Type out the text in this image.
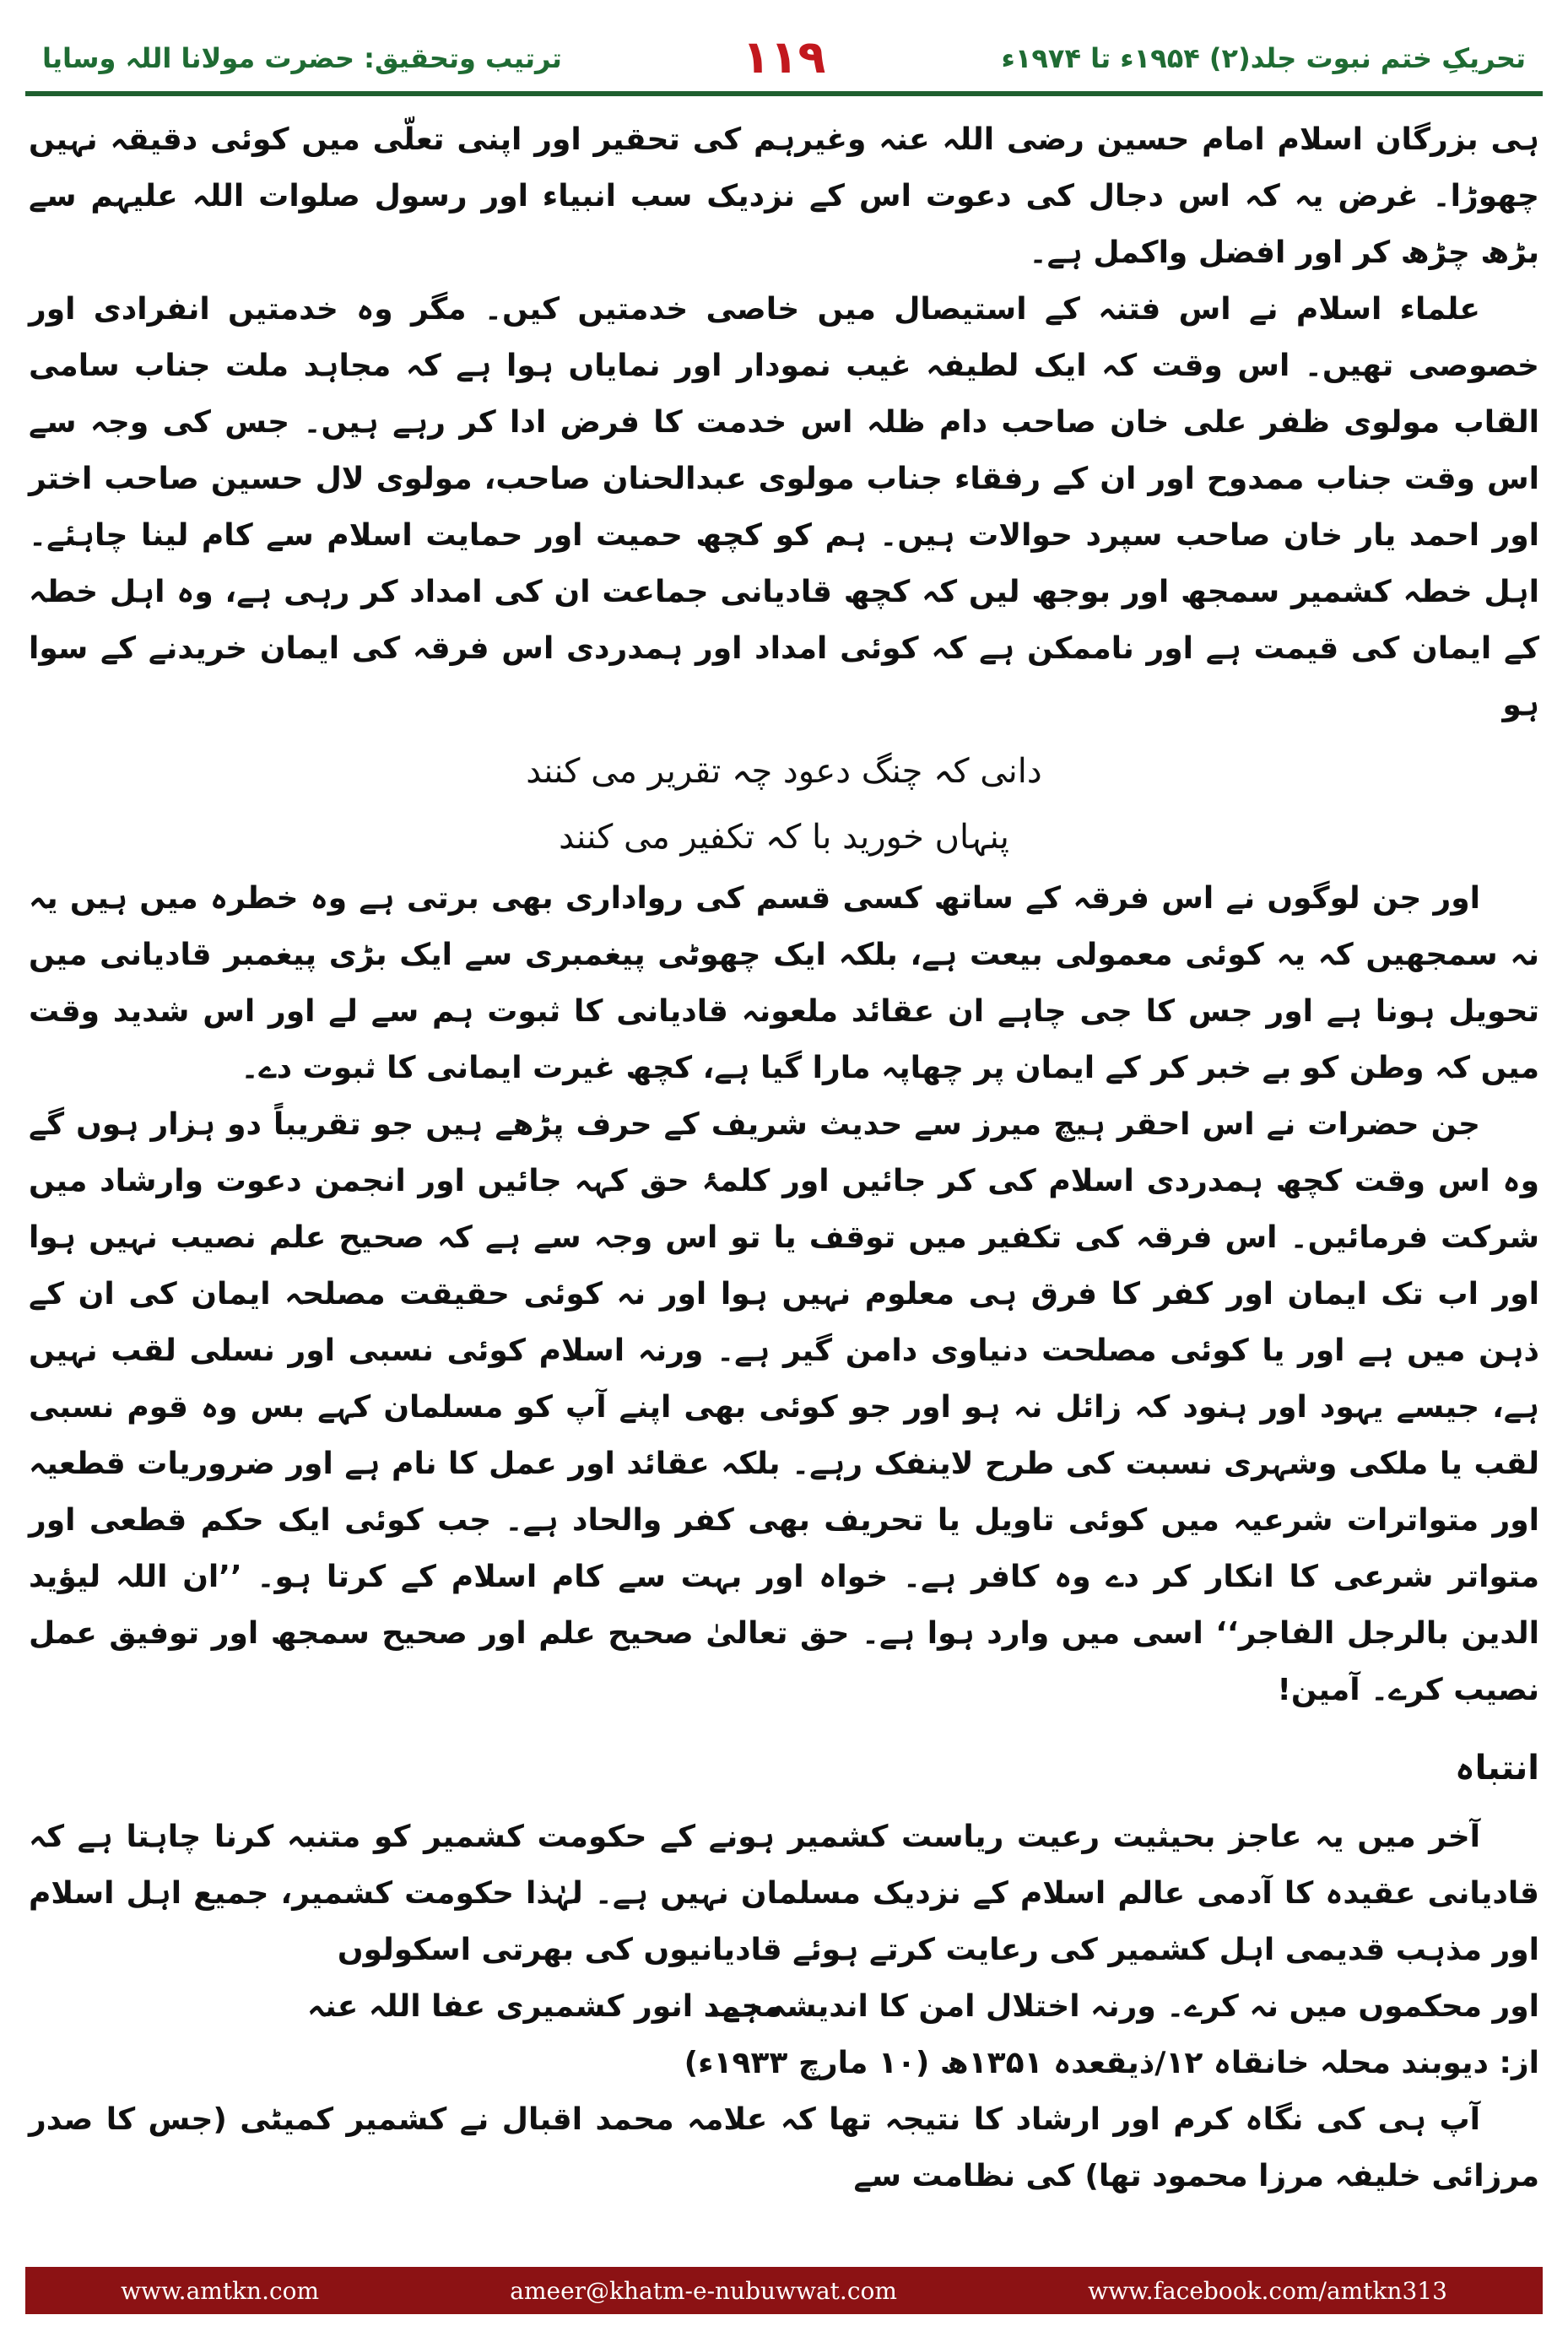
تحریکِ ختم نبوت جلد(۲) ۱۹۵۴ء تا ۱۹۷۴ء
۱۱۹
ترتیب وتحقیق: حضرت مولانا اللہ وسایا

ہی بزرگان اسلام امام حسین رضی اللہ عنہ وغیرہم کی تحقیر اور اپنی تعلّی میں کوئی دقیقہ نہیں چھوڑا۔ غرض یہ کہ اس دجال کی دعوت اس کے نزدیک سب انبیاء اور رسول صلوات اللہ علیہم سے بڑھ چڑھ کر اور افضل واکمل ہے۔

علماء اسلام نے اس فتنہ کے استیصال میں خاصی خدمتیں کیں۔ مگر وہ خدمتیں انفرادی اور خصوصی تھیں۔ اس وقت کہ ایک لطیفہ غیب نمودار اور نمایاں ہوا ہے کہ مجاہد ملت جناب سامی القاب مولوی ظفر علی خان صاحب دام ظلہ اس خدمت کا فرض ادا کر رہے ہیں۔ جس کی وجہ سے اس وقت جناب ممدوح اور ان کے رفقاء جناب مولوی عبدالحنان صاحب، مولوی لال حسین صاحب اختر اور احمد یار خان صاحب سپرد حوالات ہیں۔ ہم کو کچھ حمیت اور حمایت اسلام سے کام لینا چاہئے۔ اہل خطہ کشمیر سمجھ اور بوجھ لیں کہ کچھ قادیانی جماعت ان کی امداد کر رہی ہے، وہ اہل خطہ کے ایمان کی قیمت ہے اور ناممکن ہے کہ کوئی امداد اور ہمدردی اس فرقہ کی ایمان خریدنے کے سوا ہو

دانی کہ چنگ دعود چہ تقریر می کنند
پنہاں خورید با کہ تکفیر می کنند

اور جن لوگوں نے اس فرقہ کے ساتھ کسی قسم کی رواداری بھی برتی ہے وہ خطرہ میں ہیں یہ نہ سمجھیں کہ یہ کوئی معمولی بیعت ہے، بلکہ ایک چھوٹی پیغمبری سے ایک بڑی پیغمبر قادیانی میں تحویل ہونا ہے اور جس کا جی چاہے ان عقائد ملعونہ قادیانی کا ثبوت ہم سے لے اور اس شدید وقت میں کہ وطن کو بے خبر کر کے ایمان پر چھاپہ مارا گیا ہے، کچھ غیرت ایمانی کا ثبوت دے۔

جن حضرات نے اس احقر ہیچ میرز سے حدیث شریف کے حرف پڑھے ہیں جو تقریباً دو ہزار ہوں گے وہ اس وقت کچھ ہمدردی اسلام کی کر جائیں اور کلمۂ حق کہہ جائیں اور انجمن دعوت وارشاد میں شرکت فرمائیں۔ اس فرقہ کی تکفیر میں توقف یا تو اس وجہ سے ہے کہ صحیح علم نصیب نہیں ہوا اور اب تک ایمان اور کفر کا فرق ہی معلوم نہیں ہوا اور نہ کوئی حقیقت مصلحہ ایمان کی ان کے ذہن میں ہے اور یا کوئی مصلحت دنیاوی دامن گیر ہے۔ ورنہ اسلام کوئی نسبی اور نسلی لقب نہیں ہے، جیسے یہود اور ہنود کہ زائل نہ ہو اور جو کوئی بھی اپنے آپ کو مسلمان کہے بس وہ قوم نسبی لقب یا ملکی وشہری نسبت کی طرح لاینفک رہے۔ بلکہ عقائد اور عمل کا نام ہے اور ضروریات قطعیہ اور متواترات شرعیہ میں کوئی تاویل یا تحریف بھی کفر والحاد ہے۔ جب کوئی ایک حکم قطعی اور متواتر شرعی کا انکار کر دے وہ کافر ہے۔ خواہ اور بہت سے کام اسلام کے کرتا ہو۔ ’’ان اللہ لیؤید الدین بالرجل الفاجر‘‘ اسی میں وارد ہوا ہے۔ حق تعالیٰ صحیح علم اور صحیح سمجھ اور توفیق عمل نصیب کرے۔ آمین!

انتباہ

آخر میں یہ عاجز بحیثیت رعیت ریاست کشمیر ہونے کے حکومت کشمیر کو متنبہ کرنا چاہتا ہے کہ قادیانی عقیدہ کا آدمی عالم اسلام کے نزدیک مسلمان نہیں ہے۔ لہٰذا حکومت کشمیر، جمیع اہل اسلام اور مذہب قدیمی اہل کشمیر کی رعایت کرتے ہوئے قادیانیوں کی بھرتی اسکولوں

اور محکموں میں نہ کرے۔ ورنہ اختلال امن کا اندیشہ ہے۔
محمد انور کشمیری عفا اللہ عنہ

از: دیوبند محلہ خانقاہ ۱۲/ذیقعدہ ۱۳۵۱ھ (۱۰ مارچ ۱۹۳۳ء)

آپ ہی کی نگاہ کرم اور ارشاد کا نتیجہ تھا کہ علامہ محمد اقبال نے کشمیر کمیٹی (جس کا صدر مرزائی خلیفہ مرزا محمود تھا) کی نظامت سے

www.amtkn.com	ameer@khatm-e-nubuwwat.com	www.facebook.com/amtkn313
